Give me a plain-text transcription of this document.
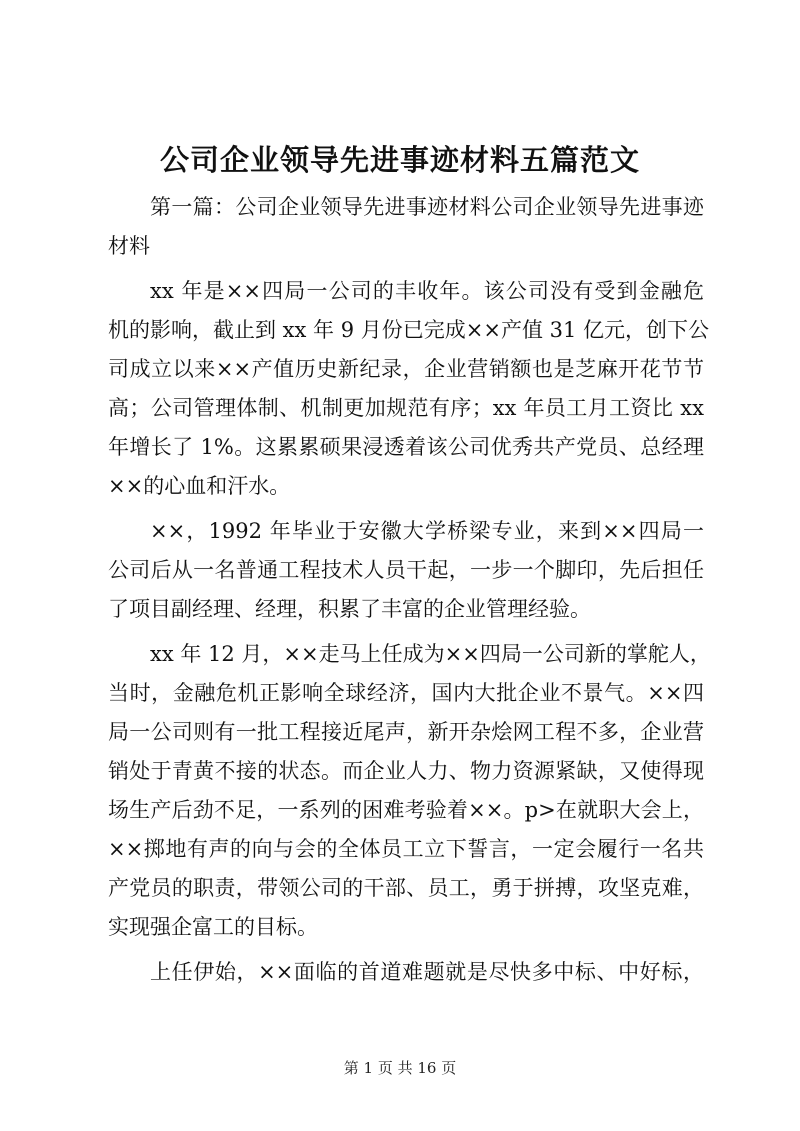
公司企业领导先进事迹材料五篇范文
第一篇：公司企业领导先进事迹材料公司企业领导先进事迹
材料
xx 年是××四局一公司的丰收年。该公司没有受到金融危
机的影响，截止到 xx 年 9 月份已完成××产值 31 亿元，创下公
司成立以来××产值历史新纪录，企业营销额也是芝麻开花节节
高；公司管理体制、机制更加规范有序；xx 年员工月工资比 xx
年增长了 1%。这累累硕果浸透着该公司优秀共产党员、总经理
××的心血和汗水。
××，1992 年毕业于安徽大学桥梁专业，来到××四局一
公司后从一名普通工程技术人员干起，一步一个脚印，先后担任
了项目副经理、经理，积累了丰富的企业管理经验。
xx 年 12 月，××走马上任成为××四局一公司新的掌舵人，
当时，金融危机正影响全球经济，国内大批企业不景气。××四
局一公司则有一批工程接近尾声，新开杂烩网工程不多，企业营
销处于青黄不接的状态。而企业人力、物力资源紧缺，又使得现
场生产后劲不足，一系列的困难考验着××。p>在就职大会上，
××掷地有声的向与会的全体员工立下誓言，一定会履行一名共
产党员的职责，带领公司的干部、员工，勇于拼搏，攻坚克难，
实现强企富工的目标。
上任伊始，××面临的首道难题就是尽快多中标、中好标，
第 1 页 共 16 页
